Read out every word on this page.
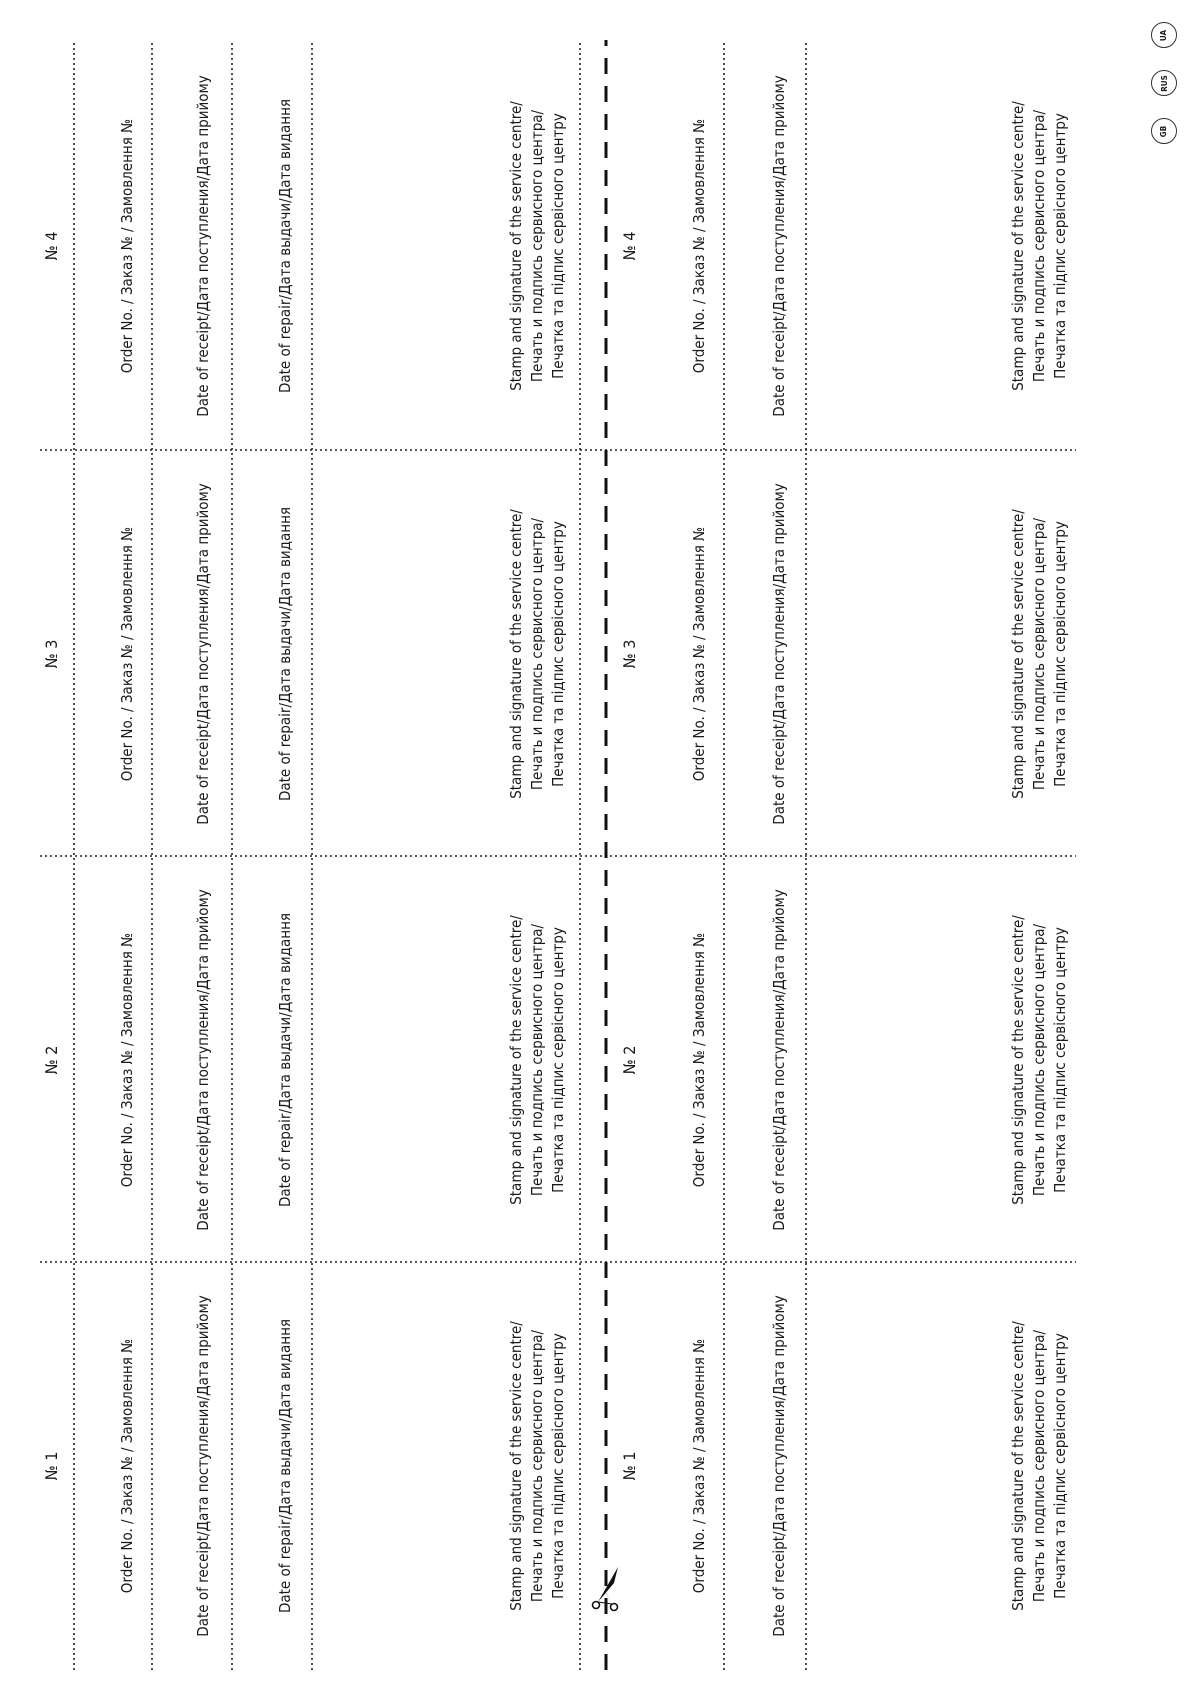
№ 1
№ 2
№ 3
№ 4
Order No. / Заказ № / Замовлення №
Order No. / Заказ № / Замовлення №
Order No. / Заказ № / Замовлення №
Order No. / Заказ № / Замовлення №
Date of receipt/Дата поступления/Дата прийому
Date of receipt/Дата поступления/Дата прийому
Date of receipt/Дата поступления/Дата прийому
Date of receipt/Дата поступления/Дата прийому
Date of repair/Дата выдачи/Дата видання
Date of repair/Дата выдачи/Дата видання
Date of repair/Дата выдачи/Дата видання
Date of repair/Дата выдачи/Дата видання
Stamp and signature of the service centre/ Печать и подпись сервисного центра/ Печатка та підпис сервісного центру
Stamp and signature of the service centre/ Печать и подпись сервисного центра/ Печатка та підпис сервісного центру
Stamp and signature of the service centre/ Печать и подпись сервисного центра/ Печатка та підпис сервісного центру
Stamp and signature of the service centre/ Печать и подпись сервисного центра/ Печатка та підпис сервісного центру
№ 1
№ 2
№ 3
№ 4
Order No. / Заказ № / Замовлення №
Order No. / Заказ № / Замовлення №
Order No. / Заказ № / Замовлення №
Order No. / Заказ № / Замовлення №
Date of receipt/Дата поступления/Дата прийому
Date of receipt/Дата поступления/Дата прийому
Date of receipt/Дата поступления/Дата прийому
Date of receipt/Дата поступления/Дата прийому
Stamp and signature of the service centre/ Печать и подпись сервисного центра/ Печатка та підпис сервісного центру
Stamp and signature of the service centre/ Печать и подпись сервисного центра/ Печатка та підпис сервісного центру
Stamp and signature of the service centre/ Печать и подпись сервисного центра/ Печатка та підпис сервісного центру
Stamp and signature of the service centre/ Печать и подпись сервисного центра/ Печатка та підпис сервісного центру
UA
RUS
GB
